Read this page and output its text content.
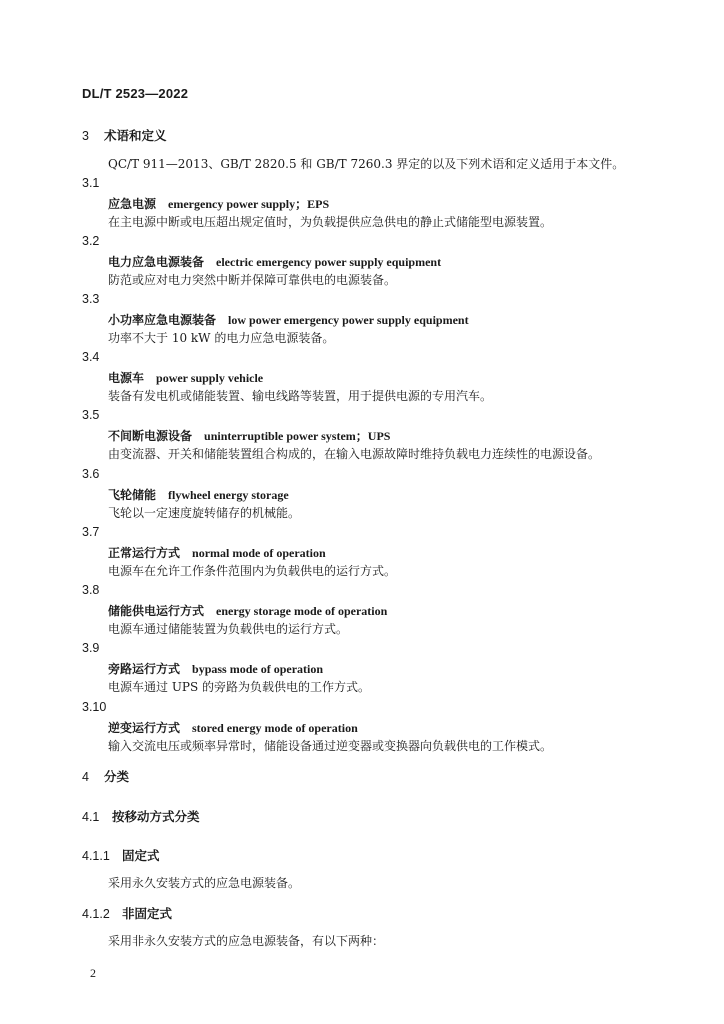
DL/T 2523—2022
3 术语和定义
QC/T 911—2013、GB/T 2820.5 和 GB/T 7260.3 界定的以及下列术语和定义适用于本文件。
3.1
应急电源 emergency power supply；EPS
在主电源中断或电压超出规定值时，为负载提供应急供电的静止式储能型电源装置。
3.2
电力应急电源装备 electric emergency power supply equipment
防范或应对电力突然中断并保障可靠供电的电源装备。
3.3
小功率应急电源装备 low power emergency power supply equipment
功率不大于 10 kW 的电力应急电源装备。
3.4
电源车 power supply vehicle
装备有发电机或储能装置、输电线路等装置，用于提供电源的专用汽车。
3.5
不间断电源设备 uninterruptible power system；UPS
由变流器、开关和储能装置组合构成的，在输入电源故障时维持负载电力连续性的电源设备。
3.6
飞轮储能 flywheel energy storage
飞轮以一定速度旋转储存的机械能。
3.7
正常运行方式 normal mode of operation
电源车在允许工作条件范围内为负载供电的运行方式。
3.8
储能供电运行方式 energy storage mode of operation
电源车通过储能装置为负载供电的运行方式。
3.9
旁路运行方式 bypass mode of operation
电源车通过 UPS 的旁路为负载供电的工作方式。
3.10
逆变运行方式 stored energy mode of operation
输入交流电压或频率异常时，储能设备通过逆变器或变换器向负载供电的工作模式。
4 分类
4.1 按移动方式分类
4.1.1 固定式
采用永久安装方式的应急电源装备。
4.1.2 非固定式
采用非永久安装方式的应急电源装备，有以下两种：
2
